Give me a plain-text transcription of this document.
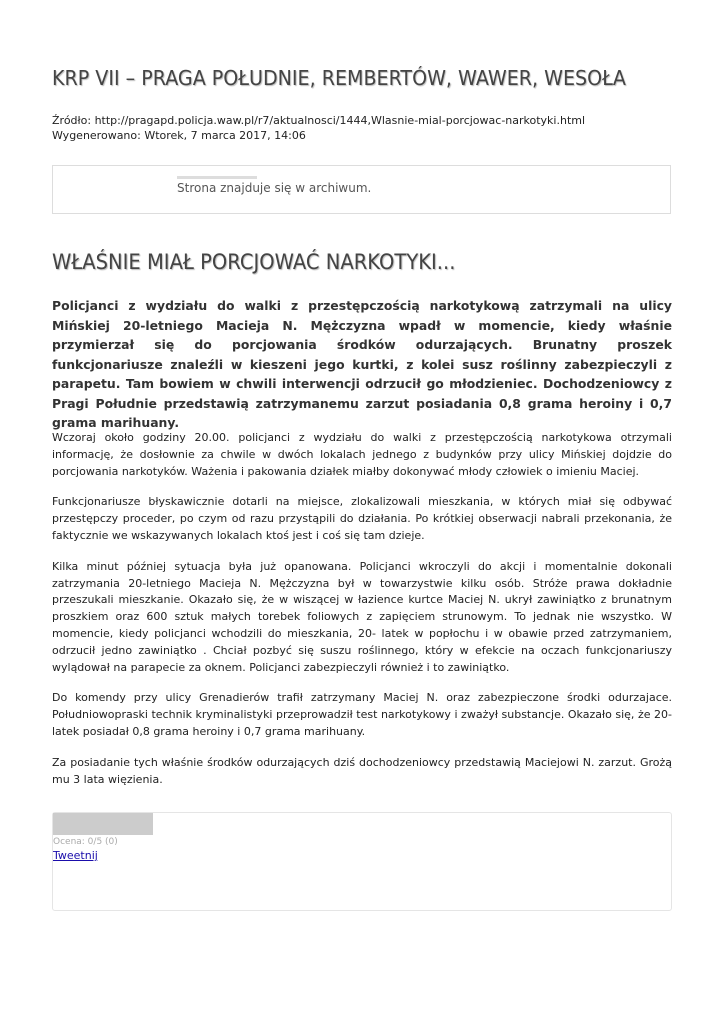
KRP VII – PRAGA POŁUDNIE, REMBERTÓW, WAWER, WESOŁA
Źródło: http://pragapd.policja.waw.pl/r7/aktualnosci/1444,Wlasnie-mial-porcjowac-narkotyki.html
Wygenerowano: Wtorek, 7 marca 2017, 14:06
Strona znajduje się w archiwum.
WŁAŚNIE MIAŁ PORCJOWAĆ NARKOTYKI...

Policjanci z wydziału do walki z przestępczością narkotykową zatrzymali na ulicy Mińskiej 20-letniego Macieja N. Mężczyzna wpadł w momencie, kiedy właśnie przymierzał się do porcjowania środków odurzających. Brunatny proszek funkcjonariusze znaleźli w kieszeni jego kurtki, z kolei susz roślinny zabezpieczyli z parapetu. Tam bowiem w chwili interwencji odrzucił go młodzieniec. Dochodzeniowcy z Pragi Południe przedstawią zatrzymanemu zarzut posiadania 0,8 grama heroiny i 0,7 grama marihuany.

Wczoraj około godziny 20.00. policjanci z wydziału do walki z przestępczością narkotykowa otrzymali informację, że dosłownie za chwile w dwóch lokalach jednego z budynków przy ulicy Mińskiej dojdzie do porcjowania narkotyków. Ważenia i pakowania działek miałby dokonywać młody człowiek o imieniu Maciej.

Funkcjonariusze błyskawicznie dotarli na miejsce, zlokalizowali mieszkania, w których miał się odbywać przestępczy proceder, po czym od razu przystąpili do działania. Po krótkiej obserwacji nabrali przekonania, że faktycznie we wskazywanych lokalach ktoś jest i coś się tam dzieje.

Kilka minut później sytuacja była już opanowana. Policjanci wkroczyli do akcji i momentalnie dokonali zatrzymania 20-letniego Macieja N. Mężczyzna był w towarzystwie kilku osób. Stróże prawa dokładnie przeszukali mieszkanie. Okazało się, że w wiszącej w łazience kurtce Maciej N. ukrył zawiniątko z brunatnym proszkiem oraz 600 sztuk małych torebek foliowych z zapięciem strunowym. To jednak nie wszystko. W momencie, kiedy policjanci wchodzili do mieszkania, 20- latek w popłochu i w obawie przed zatrzymaniem, odrzucił jedno zawiniątko . Chciał pozbyć się suszu roślinnego, który w efekcie na oczach funkcjonariuszy wylądował na parapecie za oknem. Policjanci zabezpieczyli również i to zawiniątko.

Do komendy przy ulicy Grenadierów trafił zatrzymany Maciej N. oraz zabezpieczone środki odurzajace. Południowopraski technik kryminalistyki przeprowadził test narkotykowy i zważył substancje. Okazało się, że 20- latek posiadał 0,8 grama heroiny i 0,7 grama marihuany.

Za posiadanie tych właśnie środków odurzających dziś dochodzeniowcy przedstawią Maciejowi N. zarzut. Grożą mu 3 lata więzienia.

Ocena: 0/5 (0)
Tweetnij
